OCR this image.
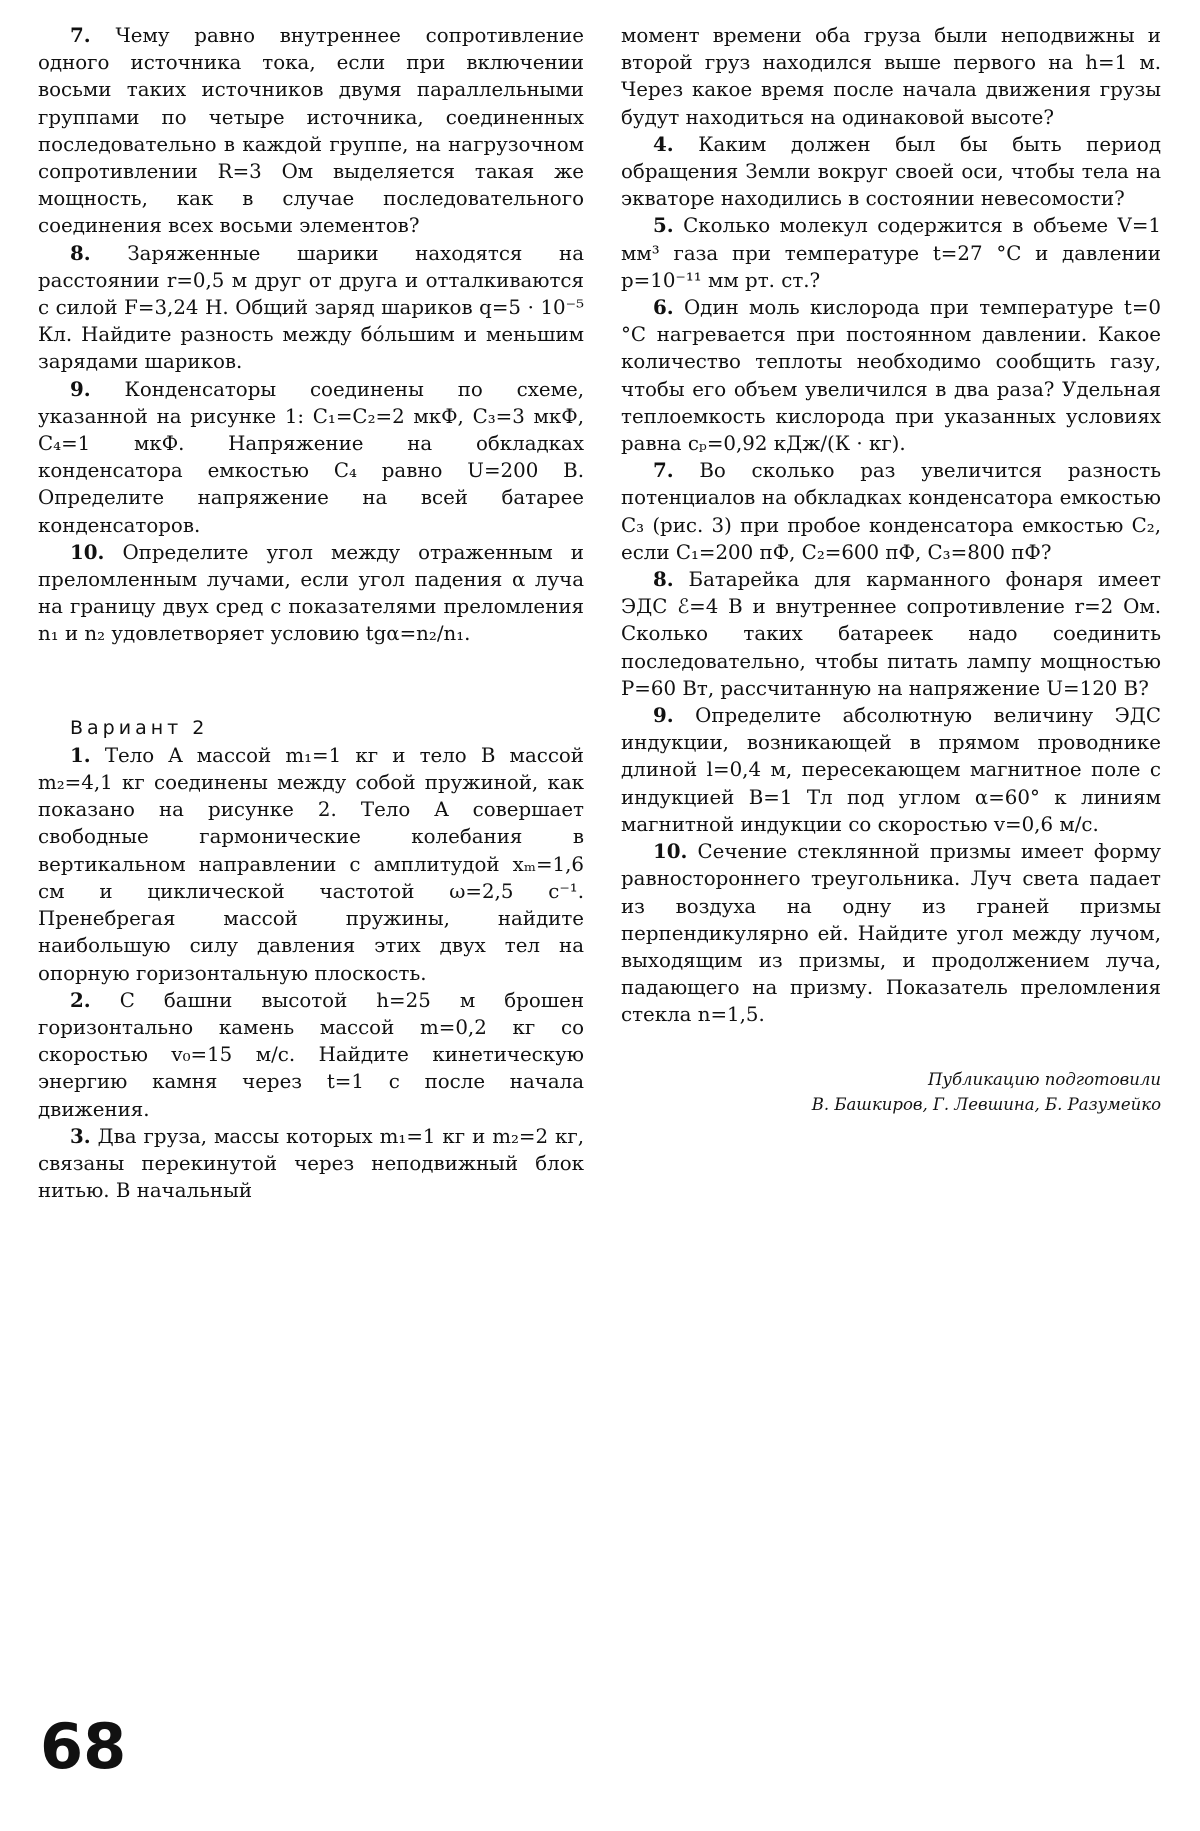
7. Чему равно внутреннее сопротивление одного источника тока, если при включении восьми таких источников двумя параллельными группами по четыре источника, соединенных последовательно в каждой группе, на нагрузочном сопротивлении R=3 Ом выделяется такая же мощность, как в случае последовательного соединения всех восьми элементов?

8. Заряженные шарики находятся на расстоянии r=0,5 м друг от друга и отталкиваются с силой F=3,24 Н. Общий заряд шариков q=5 · 10⁻⁵ Кл. Найдите разность между бо́льшим и меньшим зарядами шариков.

9. Конденсаторы соединены по схеме, указанной на рисунке 1: C₁=C₂=2 мкФ, C₃=3 мкФ, C₄=1 мкФ. Напряжение на обкладках конденсатора емкостью C₄ равно U=200 В. Определите напряжение на всей батарее конденсаторов.

10. Определите угол между отраженным и преломленным лучами, если угол падения α луча на границу двух сред с показателями преломления n₁ и n₂ удовлетворяет условию tgα=n₂/n₁.

Вариант 2

1. Тело A массой m₁=1 кг и тело B массой m₂=4,1 кг соединены между собой пружиной, как показано на рисунке 2. Тело A совершает свободные гармонические колебания в вертикальном направлении с амплитудой xₘ=1,6 см и циклической частотой ω=2,5 с⁻¹. Пренебрегая массой пружины, найдите наибольшую силу давления этих двух тел на опорную горизонтальную плоскость.

2. С башни высотой h=25 м брошен горизонтально камень массой m=0,2 кг со скоростью v₀=15 м/с. Найдите кинетическую энергию камня через t=1 с после начала движения.

3. Два груза, массы которых m₁=1 кг и m₂=2 кг, связаны перекинутой через неподвижный блок нитью. В начальный

момент времени оба груза были неподвижны и второй груз находился выше первого на h=1 м. Через какое время после начала движения грузы будут находиться на одинаковой высоте?

4. Каким должен был бы быть период обращения Земли вокруг своей оси, чтобы тела на экваторе находились в состоянии невесомости?

5. Сколько молекул содержится в объеме V=1 мм³ газа при температуре t=27 °C и давлении p=10⁻¹¹ мм рт. ст.?

6. Один моль кислорода при температуре t=0 °C нагревается при постоянном давлении. Какое количество теплоты необходимо сообщить газу, чтобы его объем увеличился в два раза? Удельная теплоемкость кислорода при указанных условиях равна cₚ=0,92 кДж/(К · кг).

7. Во сколько раз увеличится разность потенциалов на обкладках конденсатора емкостью C₃ (рис. 3) при пробое конденсатора емкостью C₂, если C₁=200 пФ, C₂=600 пФ, C₃=800 пФ?

8. Батарейка для карманного фонаря имеет ЭДС ℰ=4 В и внутреннее сопротивление r=2 Ом. Сколько таких батареек надо соединить последовательно, чтобы питать лампу мощностью P=60 Вт, рассчитанную на напряжение U=120 В?

9. Определите абсолютную величину ЭДС индукции, возникающей в прямом проводнике длиной l=0,4 м, пересекающем магнитное поле с индукцией B=1 Тл под углом α=60° к линиям магнитной индукции со скоростью v=0,6 м/с.

10. Сечение стеклянной призмы имеет форму равностороннего треугольника. Луч света падает из воздуха на одну из граней призмы перпендикулярно ей. Найдите угол между лучом, выходящим из призмы, и продолжением луча, падающего на призму. Показатель преломления стекла n=1,5.

Публикацию подготовили
В. Башкиров, Г. Левшина, Б. Разумейко
68
